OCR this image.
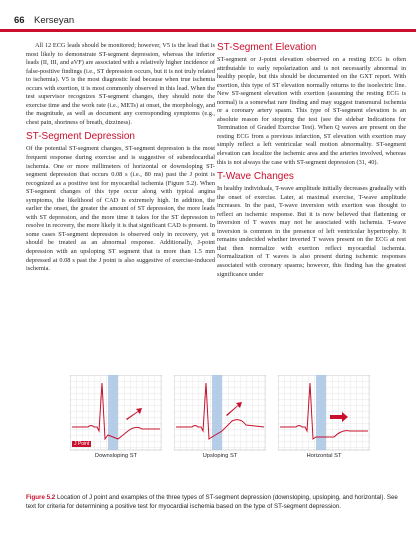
66 Kerseyan

All 12 ECG leads should be monitored; however, V5 is the lead that is most likely to demonstrate ST-segment depression, whereas the inferior leads (II, III, and aVF) are associated with a relatively higher incidence of false-positive findings (i.e., ST depression occurs, but it is not truly related to ischemia). V5 is the most diagnostic lead because when true ischemia occurs with exertion, it is most commonly observed in this lead. When the test supervisor recognizes ST-segment changes, they should note the exercise time and the work rate (i.e., METs) at onset, the morphology, and the magnitude, as well as document any corresponding symptoms (e.g., chest pain, shortness of breath, dizziness).

ST-Segment Depression

Of the potential ST-segment changes, ST-segment depression is the most frequent response during exercise and is suggestive of subendocardial ischemia. One or more millimeters of horizontal or downsloping ST-segment depression that occurs 0.08 s (i.e., 80 ms) past the J point is recognized as a positive test for myocardial ischemia (Figure 5.2). When ST-segment changes of this type occur along with typical angina symptoms, the likelihood of CAD is extremely high. In addition, the earlier the onset, the greater the amount of ST depression, the more leads with ST depression, and the more time it takes for the ST depression to resolve in recovery, the more likely it is that significant CAD is present. In some cases ST-segment depression is observed only in recovery, yet it should be treated as an abnormal response. Additionally, J-point depression with an upsloping ST segment that is more than 1.5 mm depressed at 0.08 s past the J point is also suggestive of exercise-induced ischemia.

ST-Segment Elevation

ST-segment or J-point elevation observed on a resting ECG is often attributable to early repolarization and is not necessarily abnormal in healthy people, but this should be documented on the GXT report. With exertion, this type of ST elevation normally returns to the isoelectric line. New ST-segment elevation with exertion (assuming the resting ECG is normal) is a somewhat rare finding and may suggest transmural ischemia or a coronary artery spasm. This type of ST-segment elevation is an absolute reason for stopping the test (see the sidebar Indications for Termination of Graded Exercise Test). When Q waves are present on the resting ECG from a previous infarction, ST elevation with exertion may simply reflect a left ventricular wall motion abnormality. ST-segment elevation can localize the ischemic area and the arteries involved, whereas this is not always the case with ST-segment depression (31, 40).

T-Wave Changes

In healthy individuals, T-wave amplitude initially decreases gradually with the onset of exercise. Later, at maximal exercise, T-wave amplitude increases. In the past, T-wave inversion with exertion was thought to reflect an ischemic response. But it is now believed that flattening or inversion of T waves may not be associated with ischemia. T-wave inversion is common in the presence of left ventricular hypertrophy. It remains undecided whether inverted T waves present on the ECG at rest that then normalize with exertion reflect myocardial ischemia. Normalization of T waves is also present during ischemic responses associated with coronary spasms; however, this finding has the greatest significance under

J Point
Downsloping ST	Upsloping ST	Horizontal ST
Figure 5.2 Location of J point and examples of the three types of ST-segment depression (downsloping, upsloping, and horizontal). See text for criteria for determining a positive test for myocardial ischemia based on the type of ST-segment depression.
